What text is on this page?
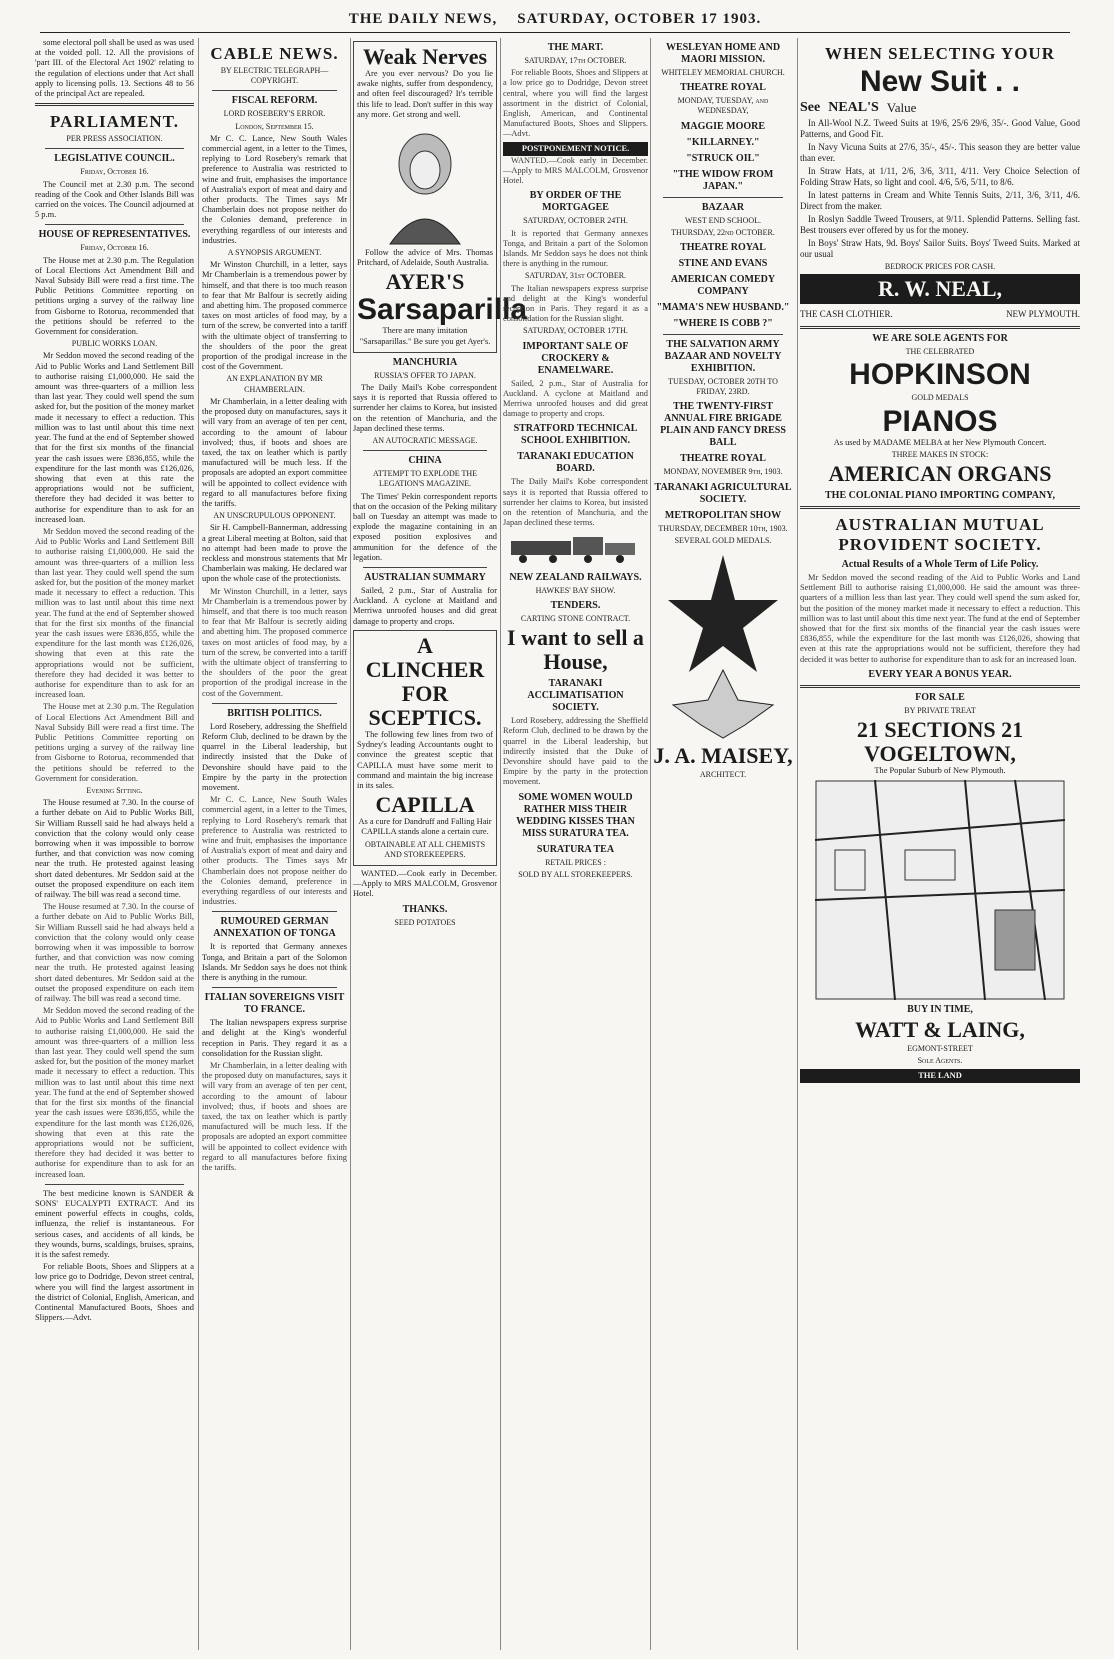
THE DAILY NEWS, SATURDAY, OCTOBER 17 1903.

some electoral poll shall be used as was used at the voided poll. 12. All the provisions of 'part III. of the Electoral Act 1902' relating to the regulation of elections under that Act shall apply to licensing polls. 13. Sections 48 to 56 of the principal Act are repealed.

PARLIAMENT.
PER PRESS ASSOCIATION.
LEGISLATIVE COUNCIL.
Friday, October 16.

The Council met at 2.30 p.m. The second reading of the Cook and Other Islands Bill was carried on the voices. The Council adjourned at 5 p.m.

HOUSE OF REPRESENTATIVES.
Friday, October 16.

The House met at 2.30 p.m. The Regulation of Local Elections Act Amendment Bill and Naval Subsidy Bill were read a first time. The Public Petitions Committee reporting on petitions urging a survey of the railway line from Gisborne to Rotorua, recommended that the petitions should be referred to the Government for consideration.

PUBLIC WORKS LOAN.

Mr Seddon moved the second reading of the Aid to Public Works and Land Settlement Bill to authorise raising £1,000,000. He said the amount was three-quarters of a million less than last year. They could well spend the sum asked for, but the position of the money market made it necessary to effect a reduction. This million was to last until about this time next year. The fund at the end of September showed that for the first six months of the financial year the cash issues were £836,855, while the expenditure for the last month was £126,026, showing that even at this rate the appropriations would not be sufficient, therefore they had decided it was better to authorise for expenditure than to ask for an increased loan.

Mr Seddon moved the second reading of the Aid to Public Works and Land Settlement Bill to authorise raising £1,000,000. He said the amount was three-quarters of a million less than last year. They could well spend the sum asked for, but the position of the money market made it necessary to effect a reduction. This million was to last until about this time next year. The fund at the end of September showed that for the first six months of the financial year the cash issues were £836,855, while the expenditure for the last month was £126,026, showing that even at this rate the appropriations would not be sufficient, therefore they had decided it was better to authorise for expenditure than to ask for an increased loan.

The House met at 2.30 p.m. The Regulation of Local Elections Act Amendment Bill and Naval Subsidy Bill were read a first time. The Public Petitions Committee reporting on petitions urging a survey of the railway line from Gisborne to Rotorua, recommended that the petitions should be referred to the Government for consideration.

Evening Sitting.

The House resumed at 7.30. In the course of a further debate on Aid to Public Works Bill, Sir William Russell said he had always held a conviction that the colony would only cease borrowing when it was impossible to borrow further, and that conviction was now coming near the truth. He protested against leasing short dated debentures. Mr Seddon said at the outset the proposed expenditure on each item of railway. The bill was read a second time.

The House resumed at 7.30. In the course of a further debate on Aid to Public Works Bill, Sir William Russell said he had always held a conviction that the colony would only cease borrowing when it was impossible to borrow further, and that conviction was now coming near the truth. He protested against leasing short dated debentures. Mr Seddon said at the outset the proposed expenditure on each item of railway. The bill was read a second time.

Mr Seddon moved the second reading of the Aid to Public Works and Land Settlement Bill to authorise raising £1,000,000. He said the amount was three-quarters of a million less than last year. They could well spend the sum asked for, but the position of the money market made it necessary to effect a reduction. This million was to last until about this time next year. The fund at the end of September showed that for the first six months of the financial year the cash issues were £836,855, while the expenditure for the last month was £126,026, showing that even at this rate the appropriations would not be sufficient, therefore they had decided it was better to authorise for expenditure than to ask for an increased loan.

The best medicine known is SANDER & SONS' EUCALYPTI EXTRACT. And its eminent powerful effects in coughs, colds, influenza, the relief is instantaneous. For serious cases, and accidents of all kinds, be they wounds, burns, scaldings, bruises, sprains, it is the safest remedy.

For reliable Boots, Shoes and Slippers at a low price go to Dodridge, Devon street central, where you will find the largest assortment in the district of Colonial, English, American, and Continental Manufactured Boots, Shoes and Slippers.—Advt.

CABLE NEWS.
BY ELECTRIC TELEGRAPH—COPYRIGHT.
FISCAL REFORM.
LORD ROSEBERY'S ERROR.
London, September 15.

Mr C. C. Lance, New South Wales commercial agent, in a letter to the Times, replying to Lord Rosebery's remark that preference to Australia was restricted to wine and fruit, emphasises the importance of Australia's export of meat and dairy and other products. The Times says Mr Chamberlain does not propose neither do the Colonies demand, preference in everything regardless of our interests and industries.

A SYNOPSIS ARGUMENT.

Mr Winston Churchill, in a letter, says Mr Chamberlain is a tremendous power by himself, and that there is too much reason to fear that Mr Balfour is secretly aiding and abetting him. The proposed commerce taxes on most articles of food may, by a turn of the screw, be converted into a tariff with the ultimate object of transferring to the shoulders of the poor the great proportion of the prodigal increase in the cost of the Government.

AN EXPLANATION BY MR CHAMBERLAIN.

Mr Chamberlain, in a letter dealing with the proposed duty on manufactures, says it will vary from an average of ten per cent, according to the amount of labour involved; thus, if boots and shoes are taxed, the tax on leather which is partly manufactured will be much less. If the proposals are adopted an export committee will be appointed to collect evidence with regard to all manufactures before fixing the tariffs.

AN UNSCRUPULOUS OPPONENT.

Sir H. Campbell-Bannerman, addressing a great Liberal meeting at Bolton, said that no attempt had been made to prove the reckless and monstrous statements that Mr Chamberlain was making. He declared war upon the whole case of the protectionists.

Mr Winston Churchill, in a letter, says Mr Chamberlain is a tremendous power by himself, and that there is too much reason to fear that Mr Balfour is secretly aiding and abetting him. The proposed commerce taxes on most articles of food may, by a turn of the screw, be converted into a tariff with the ultimate object of transferring to the shoulders of the poor the great proportion of the prodigal increase in the cost of the Government.

BRITISH POLITICS.

Lord Rosebery, addressing the Sheffield Reform Club, declined to be drawn by the quarrel in the Liberal leadership, but indirectly insisted that the Duke of Devonshire should have paid to the Empire by the party in the protection movement.

Mr C. C. Lance, New South Wales commercial agent, in a letter to the Times, replying to Lord Rosebery's remark that preference to Australia was restricted to wine and fruit, emphasises the importance of Australia's export of meat and dairy and other products. The Times says Mr Chamberlain does not propose neither do the Colonies demand, preference in everything regardless of our interests and industries.

RUMOURED GERMAN ANNEXATION OF TONGA

It is reported that Germany annexes Tonga, and Britain a part of the Solomon Islands. Mr Seddon says he does not think there is anything in the rumour.

ITALIAN SOVEREIGNS VISIT TO FRANCE.

The Italian newspapers express surprise and delight at the King's wonderful reception in Paris. They regard it as a consolidation for the Russian slight.

Mr Chamberlain, in a letter dealing with the proposed duty on manufactures, says it will vary from an average of ten per cent, according to the amount of labour involved; thus, if boots and shoes are taxed, the tax on leather which is partly manufactured will be much less. If the proposals are adopted an export committee will be appointed to collect evidence with regard to all manufactures before fixing the tariffs.

Weak Nerves

Are you ever nervous? Do you lie awake nights, suffer from despondency, and often feel discouraged? It's terrible this life to lead. Don't suffer in this way any more. Get strong and well.

Follow the advice of Mrs. Thomas Pritchard, of Adelaide, South Australia.

AYER'S
Sarsaparilla

There are many imitation "Sarsaparillas." Be sure you get Ayer's.

MANCHURIA
RUSSIA'S OFFER TO JAPAN.

The Daily Mail's Kobe correspondent says it is reported that Russia offered to surrender her claims to Korea, but insisted on the retention of Manchuria, and the Japan declined these terms.

AN AUTOCRATIC MESSAGE.
CHINA
ATTEMPT TO EXPLODE THE LEGATION'S MAGAZINE.

The Times' Pekin correspondent reports that on the occasion of the Peking military ball on Tuesday an attempt was made to explode the magazine containing in an exposed position explosives and ammunition for the defence of the legation.

AUSTRALIAN SUMMARY

Sailed, 2 p.m., Star of Australia for Auckland. A cyclone at Maitland and Merriwa unroofed houses and did great damage to property and crops.

A CLINCHER
FOR SCEPTICS.

The following few lines from two of Sydney's leading Accountants ought to convince the greatest sceptic that CAPILLA must have some merit to command and maintain the big increase in its sales.

CAPILLA

As a cure for Dandruff and Falling Hair CAPILLA stands alone a certain cure.

OBTAINABLE AT ALL CHEMISTS AND STOREKEEPERS.

WANTED.—Cook early in December. —Apply to MRS MALCOLM, Grosvenor Hotel.

THANKS.
SEED POTATOES
THE MART.
SATURDAY, 17th OCTOBER.

For reliable Boots, Shoes and Slippers at a low price go to Dodridge, Devon street central, where you will find the largest assortment in the district of Colonial, English, American, and Continental Manufactured Boots, Shoes and Slippers.—Advt.

POSTPONEMENT NOTICE.

WANTED.—Cook early in December. —Apply to MRS MALCOLM, Grosvenor Hotel.

BY ORDER OF THE MORTGAGEE
SATURDAY, OCTOBER 24TH.

It is reported that Germany annexes Tonga, and Britain a part of the Solomon Islands. Mr Seddon says he does not think there is anything in the rumour.

SATURDAY, 31st OCTOBER.

The Italian newspapers express surprise and delight at the King's wonderful reception in Paris. They regard it as a consolidation for the Russian slight.

SATURDAY, OCTOBER 17TH.
IMPORTANT SALE OF CROCKERY & ENAMELWARE.

Sailed, 2 p.m., Star of Australia for Auckland. A cyclone at Maitland and Merriwa unroofed houses and did great damage to property and crops.

STRATFORD TECHNICAL SCHOOL EXHIBITION.
TARANAKI EDUCATION BOARD.

The Daily Mail's Kobe correspondent says it is reported that Russia offered to surrender her claims to Korea, but insisted on the retention of Manchuria, and the Japan declined these terms.

NEW ZEALAND RAILWAYS.
HAWKES' BAY SHOW.
TENDERS.
CARTING STONE CONTRACT.
I want to sell a House,
TARANAKI ACCLIMATISATION SOCIETY.

Lord Rosebery, addressing the Sheffield Reform Club, declined to be drawn by the quarrel in the Liberal leadership, but indirectly insisted that the Duke of Devonshire should have paid to the Empire by the party in the protection movement.

SOME WOMEN WOULD RATHER MISS THEIR WEDDING KISSES THAN MISS SURATURA TEA.
SURATURA TEA
RETAIL PRICES :
SOLD BY ALL STOREKEEPERS.
WESLEYAN HOME AND MAORI MISSION.
WHITELEY MEMORIAL CHURCH.
THEATRE ROYAL
MONDAY, TUESDAY, and WEDNESDAY,
MAGGIE MOORE
"KILLARNEY."
"STRUCK OIL"
"THE WIDOW FROM JAPAN."
BAZAAR
WEST END SCHOOL.
THURSDAY, 22nd OCTOBER.
THEATRE ROYAL
STINE AND EVANS
AMERICAN COMEDY COMPANY
"MAMA'S NEW HUSBAND."
"WHERE IS COBB ?"
THE SALVATION ARMY BAZAAR AND NOVELTY EXHIBITION.
TUESDAY, OCTOBER 20TH TO FRIDAY, 23RD.
THE TWENTY-FIRST ANNUAL FIRE BRIGADE PLAIN AND FANCY DRESS BALL
THEATRE ROYAL
MONDAY, NOVEMBER 9th, 1903.
TARANAKI AGRICULTURAL SOCIETY.
METROPOLITAN SHOW
THURSDAY, DECEMBER 10th, 1903.
SEVERAL GOLD MEDALS.
J. A. MAISEY,
ARCHITECT.
WHEN SELECTING YOUR
New Suit . .
See NEAL'S Value

In All-Wool N.Z. Tweed Suits at 19/6, 25/6 29/6, 35/-. Good Value, Good Patterns, and Good Fit.

In Navy Vicuna Suits at 27/6, 35/-, 45/-. This season they are better value than ever.

In Straw Hats, at 1/11, 2/6, 3/6, 3/11, 4/11. Very Choice Selection of Folding Straw Hats, so light and cool. 4/6, 5/6, 5/11, to 8/6.

In latest patterns in Cream and White Tennis Suits, 2/11, 3/6, 3/11, 4/6. Direct from the maker.

In Roslyn Saddle Tweed Trousers, at 9/11. Splendid Patterns. Selling fast. Best trousers ever offered by us for the money.

In Boys' Straw Hats, 9d. Boys' Sailor Suits. Boys' Tweed Suits. Marked at our usual

BEDROCK PRICES FOR CASH.
R. W. NEAL,
THE CASH CLOTHIER.	NEW PLYMOUTH.
WE ARE SOLE AGENTS FOR
THE CELEBRATED
HOPKINSON
GOLD MEDALS
PIANOS

As used by MADAME MELBA at her New Plymouth Concert.

THREE MAKES IN STOCK:
AMERICAN ORGANS
THE COLONIAL PIANO IMPORTING COMPANY,
AUSTRALIAN MUTUAL PROVIDENT SOCIETY.
Actual Results of a Whole Term of Life Policy.

Mr Seddon moved the second reading of the Aid to Public Works and Land Settlement Bill to authorise raising £1,000,000. He said the amount was three-quarters of a million less than last year. They could well spend the sum asked for, but the position of the money market made it necessary to effect a reduction. This million was to last until about this time next year. The fund at the end of September showed that for the first six months of the financial year the cash issues were £836,855, while the expenditure for the last month was £126,026, showing that even at this rate the appropriations would not be sufficient, therefore they had decided it was better to authorise for expenditure than to ask for an increased loan.

EVERY YEAR A BONUS YEAR.
FOR SALE
BY PRIVATE TREAT
21 SECTIONS 21
VOGELTOWN,

The Popular Suburb of New Plymouth.

BUY IN TIME,
WATT & LAING,
EGMONT-STREET
Sole Agents.
THE LAND
